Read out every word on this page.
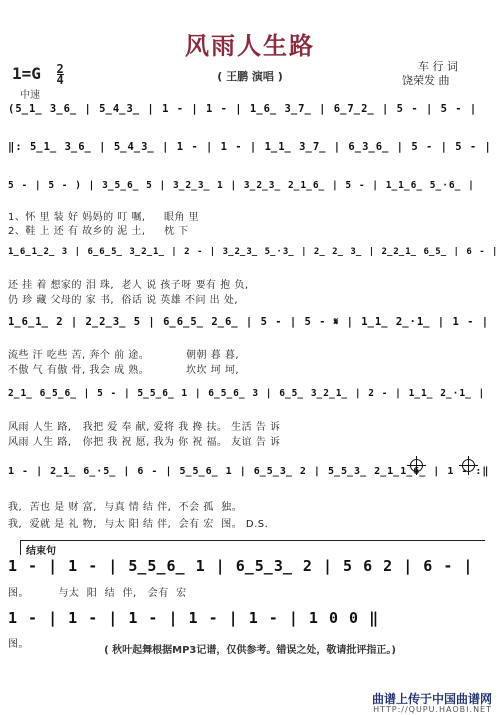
风雨人生路
车 行 词
饶荣发 曲
( 王鹏 演唱 )
$1=G \frac{2}{4}$
中速
(5̲1̲ 3̲6̲ | 5̲4̲3̲ | 1 - | 1 - | 1̲6̲ 3̲7̲ | 6̲7̲2̲ | 5 - | 5 - |
‖: 5̲1̲ 3̲6̲ | 5̲4̲3̲ | 1 - | 1 - | 1̲1̲ 3̲7̲ | 6̲3̲6̲ | 5 - | 5 - |
5 - | 5 - ) | 3̲5̲6̲ 5 | 3̲2̲3̲ 1 | 3̲2̲3̲ 2̲1̲6̲ | 5 - | 1̲1̲6̲ 5̲·6̲ |
1、怀 里 装 好 妈妈的 叮 嘱,     眼角 里
2、鞋 上 还 有 故乡的 泥 土,     枕 下
1̲6̲1̲2̲ 3 | 6̲6̲5̲ 3̲2̲1̲ | 2 - | 3̲2̲3̲ 5̲·3̲ | 2̲ 2̲ 3̲ | 2̲2̲1̲ 6̲5̲ | 6 - |
还 挂 着 想家的 泪 珠,  老人 说 孩子呀 要有 抱 负,
仍 珍 藏 父母的 家 书,  俗话 说 英雄 不问 出 处,
1̲6̲1̲ 2 | 2̲2̲3̲ 5 | 6̲6̲5̲ 2̲6̲ | 5 - | 5 - 𝄋 | 1̲1̲ 2̲·1̲ | 1 - |
流些 汗 吃些 苦, 奔个 前 途。          朝朝 暮 暮,
不傲 气 有傲 骨, 我会 成 熟。          坎坎 坷 坷,
2̲1̲ 6̲5̲6̲ | 5 - | 5̲5̲6̲ 1 | 6̲5̲6̲ 3 | 6̲5̲ 3̲2̲1̲ | 2 - | 1̲1̲ 2̲·1̲ |
风雨 人生 路,   我把 爱 奉 献, 爱将 我 搀 扶。 生活 告 诉
风雨 人生 路,   你把 我 祝 愿, 我为 你 祝 福。 友谊 告 诉
1 - | 2̲1̲ 6̲·5̲ | 6 - | 5̲5̲6̲ 1 | 6̲5̲3̲ 2 | 5̲5̲3̲ 2̲1̲1̲6̲ | 1 - :‖
我,  苦也 是 财 富,  与真 情 结 伴,  不会 孤  独。
我,  爱就 是 礼 物,  与太 阳 结 伴,  会有 宏  图。 D.S.
结束句
1 - | 1 - | 5̲5̲6̲ 1 | 6̲5̲3̲ 2 | 5 6 2 | 6 - |
图。        与太  阳  结  伴,   会有  宏
1 - | 1 - | 1 - | 1 - | 1 - | 1 0 0 ‖
图。
( 秋叶起舞根据MP3记谱，仅供参考。错误之处，敬请批评指正。)
曲谱上传于中国曲谱网
HTTP://QUPU.HAOBI.NET
